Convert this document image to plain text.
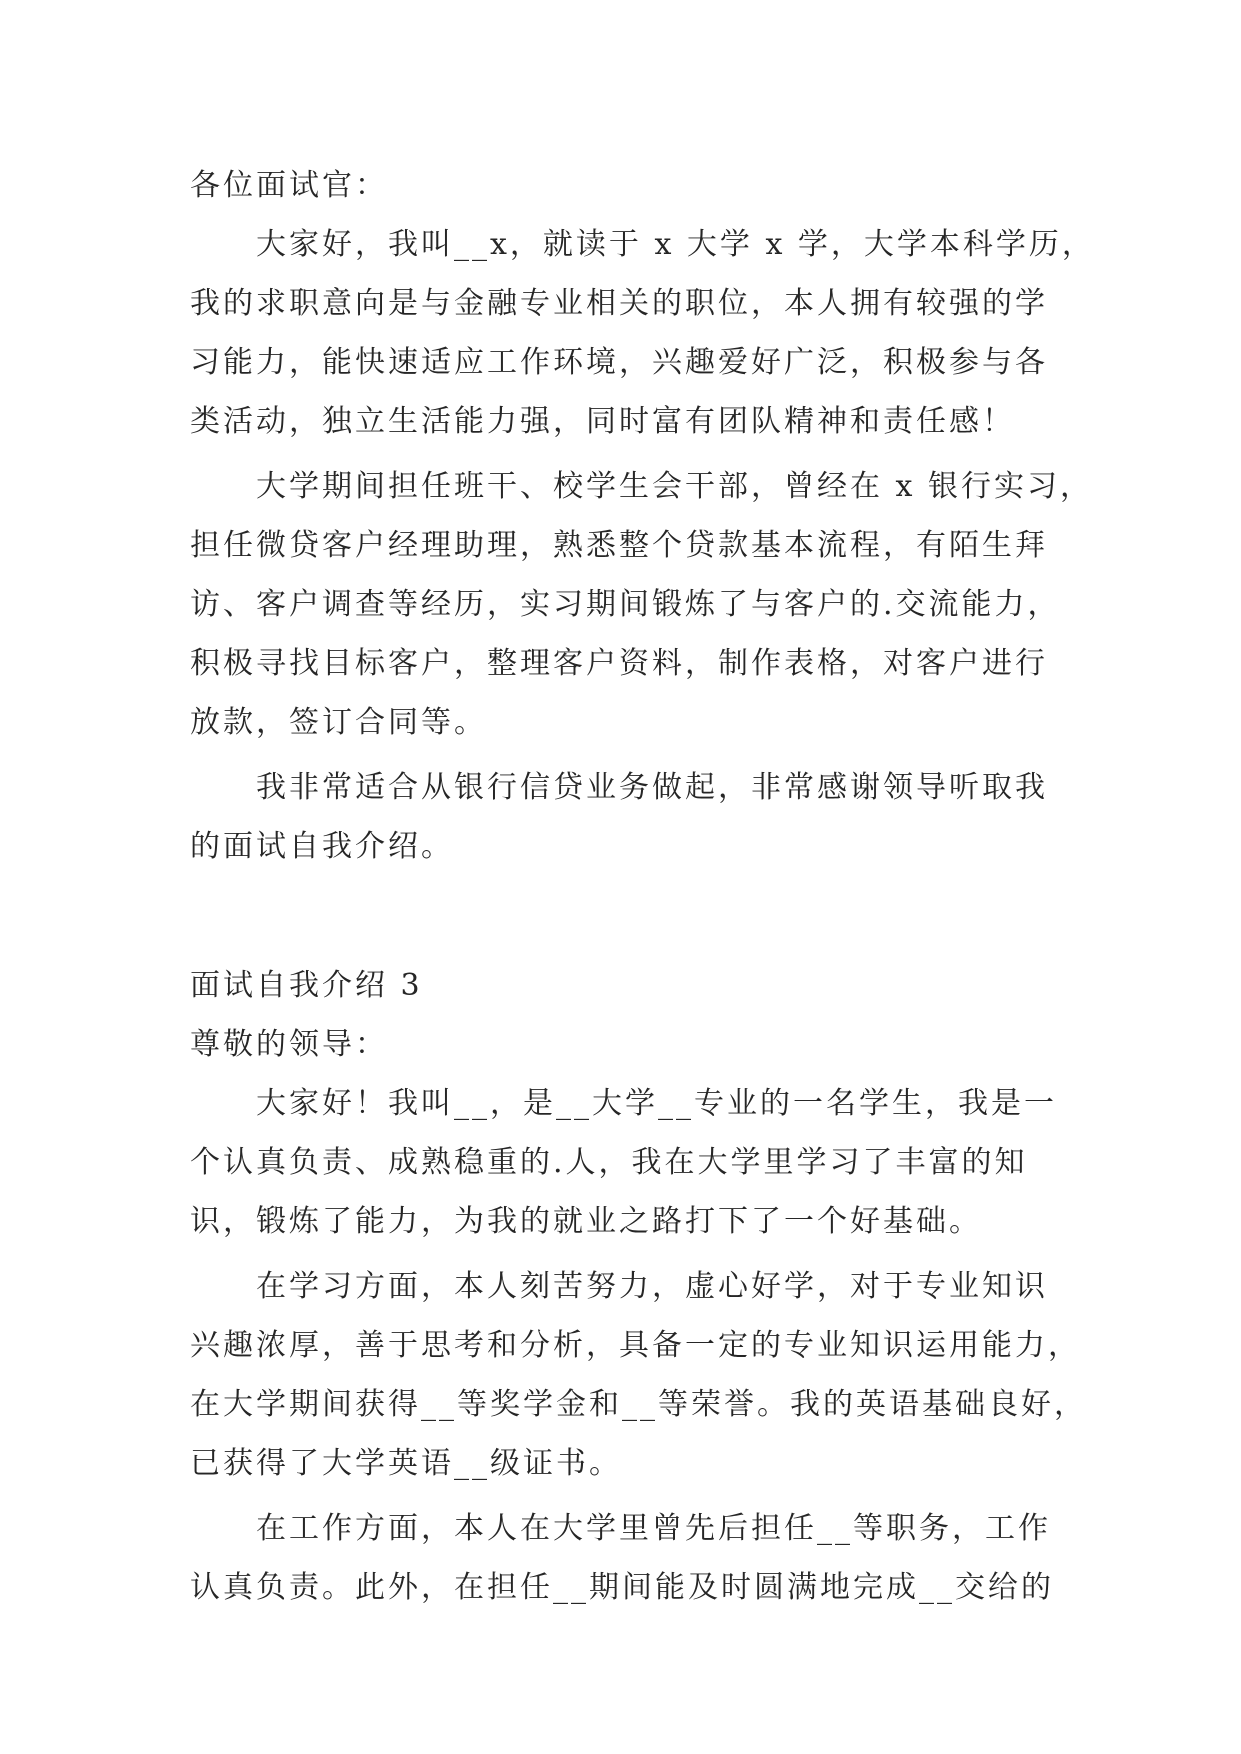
各位面试官：
大家好，我叫__x，就读于 x 大学 x 学，大学本科学历，
我的求职意向是与金融专业相关的职位，本人拥有较强的学
习能力，能快速适应工作环境，兴趣爱好广泛，积极参与各
类活动，独立生活能力强，同时富有团队精神和责任感！
大学期间担任班干、校学生会干部，曾经在 x 银行实习，
担任微贷客户经理助理，熟悉整个贷款基本流程，有陌生拜
访、客户调查等经历，实习期间锻炼了与客户的.交流能力，
积极寻找目标客户，整理客户资料，制作表格，对客户进行
放款，签订合同等。
我非常适合从银行信贷业务做起，非常感谢领导听取我
的面试自我介绍。
面试自我介绍 3
尊敬的领导：
大家好！我叫__，是__大学__专业的一名学生，我是一
个认真负责、成熟稳重的.人，我在大学里学习了丰富的知
识，锻炼了能力，为我的就业之路打下了一个好基础。
在学习方面，本人刻苦努力，虚心好学，对于专业知识
兴趣浓厚，善于思考和分析，具备一定的专业知识运用能力，
在大学期间获得__等奖学金和__等荣誉。我的英语基础良好，
已获得了大学英语__级证书。
在工作方面，本人在大学里曾先后担任__等职务，工作
认真负责。此外，在担任__期间能及时圆满地完成__交给的
